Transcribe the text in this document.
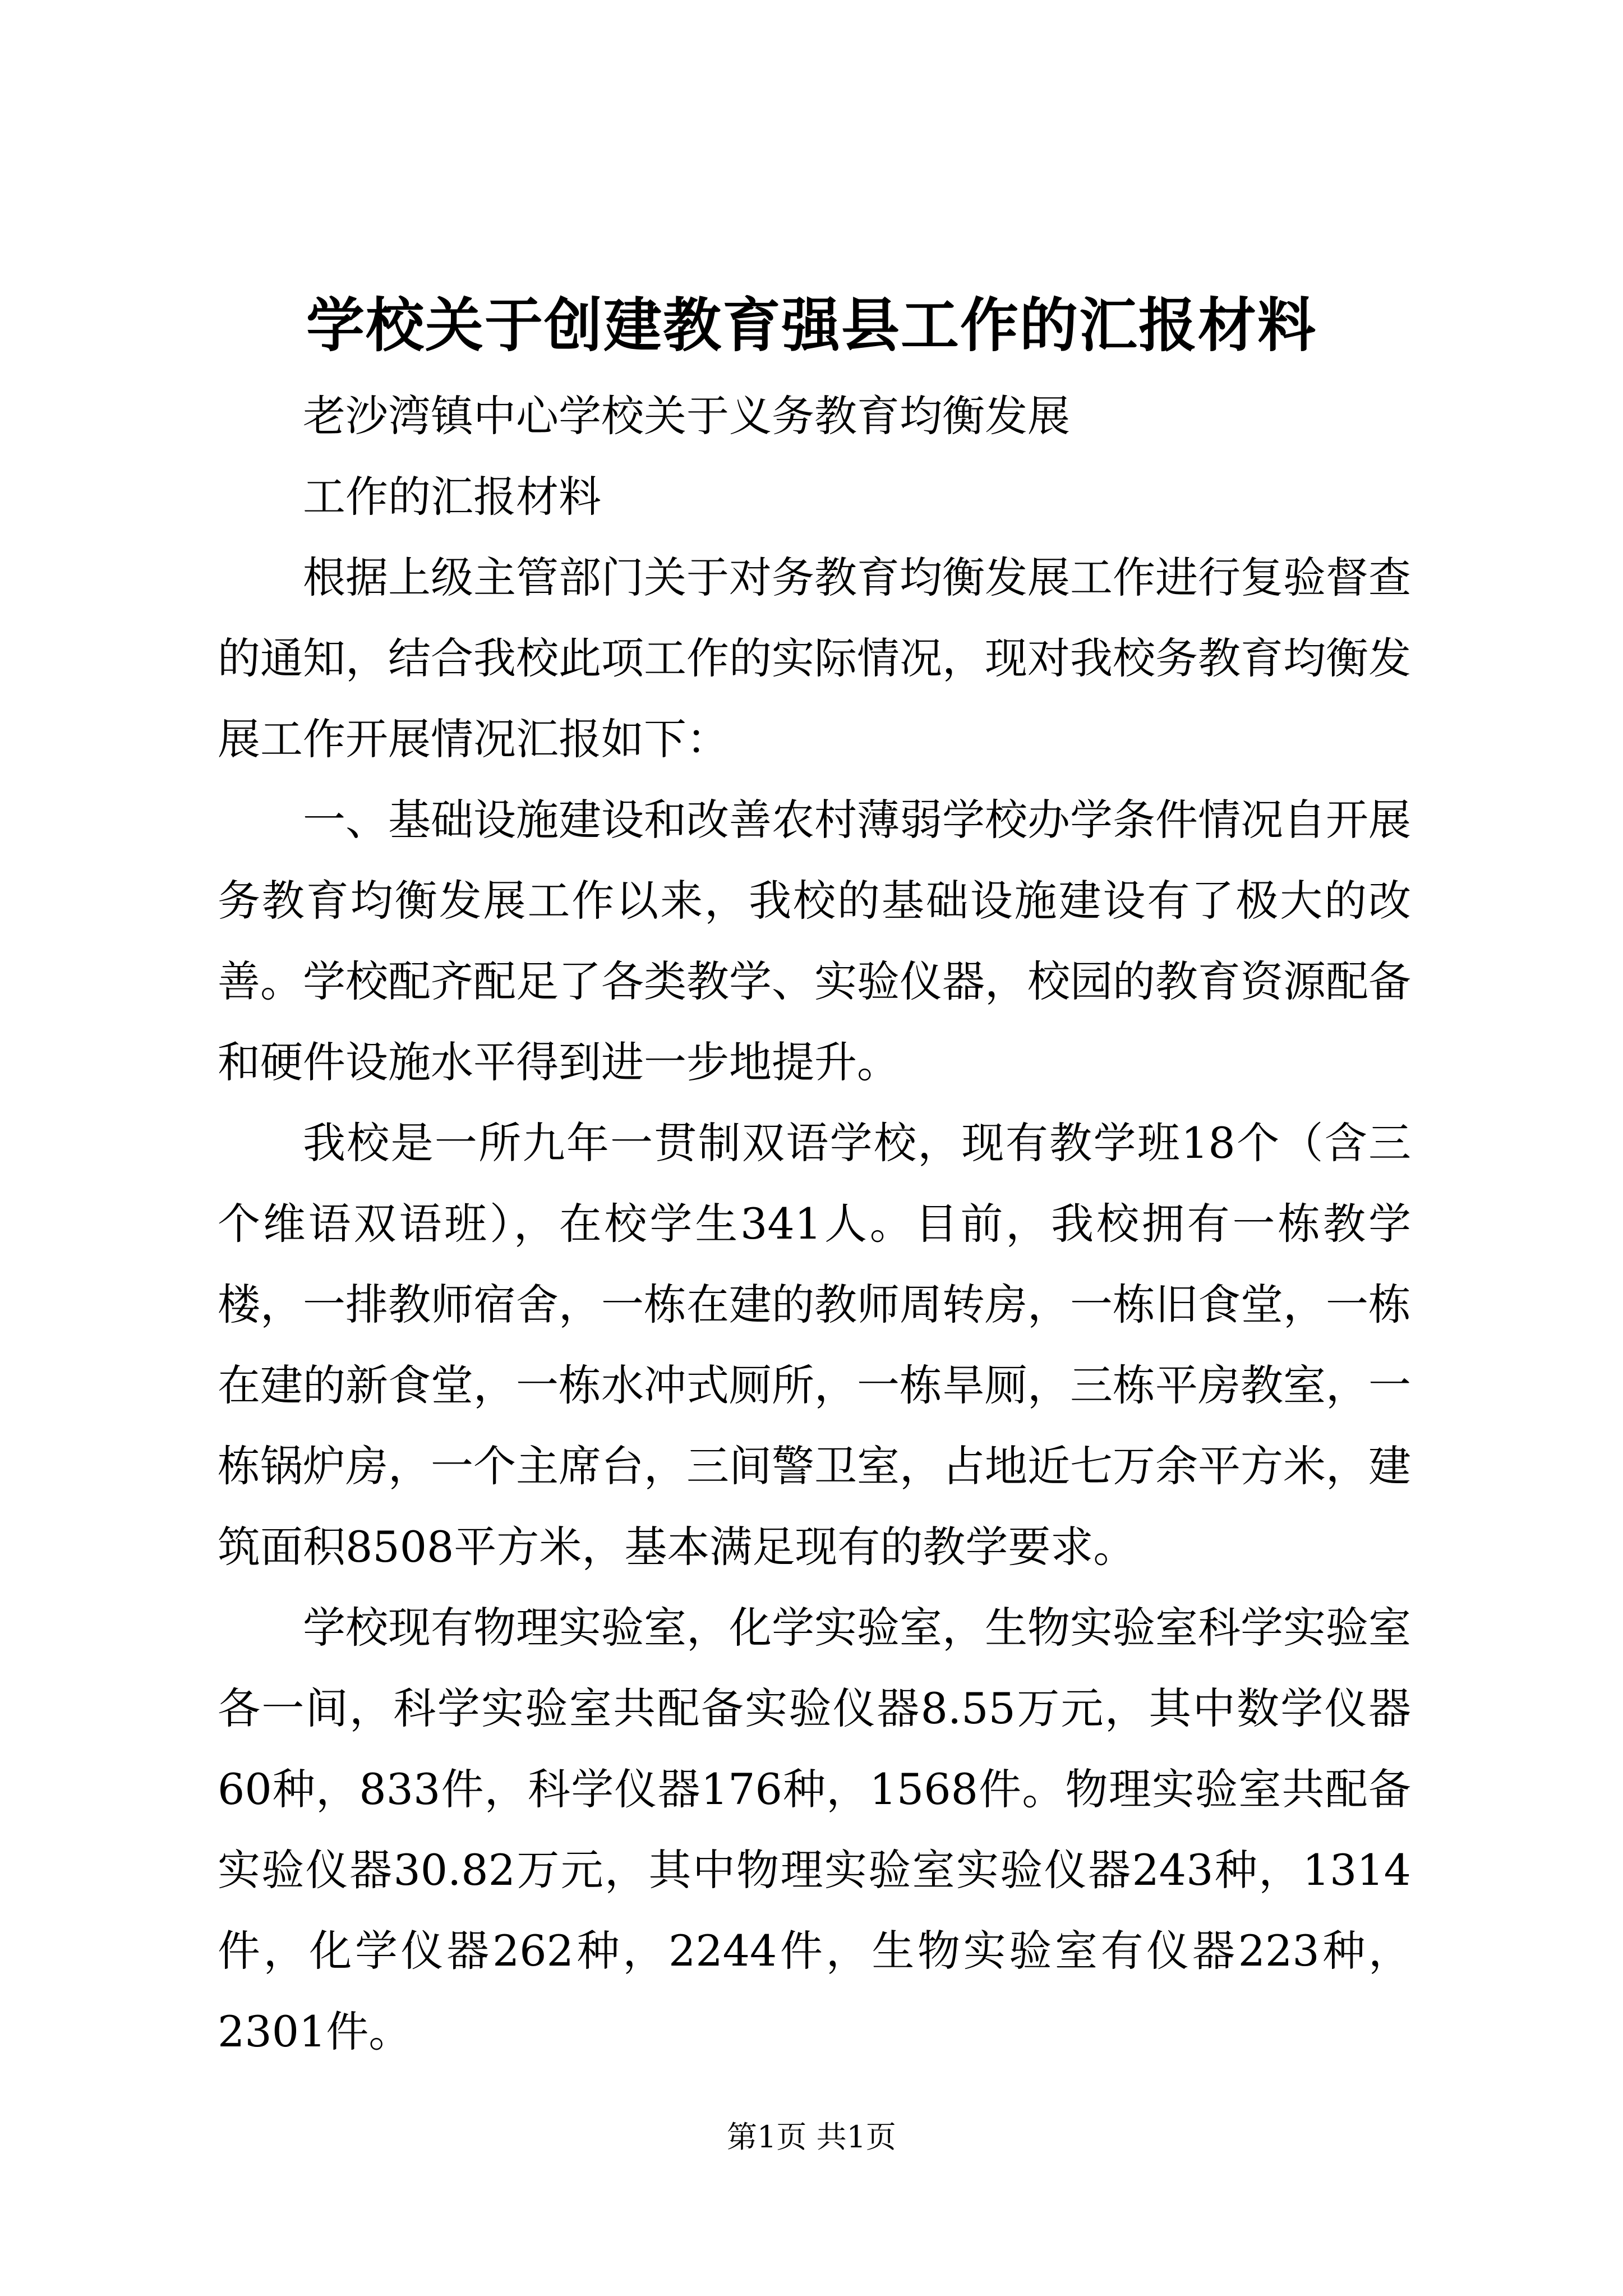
学校关于创建教育强县工作的汇报材料

老沙湾镇中心学校关于义务教育均衡发展

工作的汇报材料

根据上级主管部门关于对务教育均衡发展工作进行复验督查的通知，结合我校此项工作的实际情况，现对我校务教育均衡发展工作开展情况汇报如下：

一、基础设施建设和改善农村薄弱学校办学条件情况自开展务教育均衡发展工作以来，我校的基础设施建设有了极大的改善。学校配齐配足了各类教学、实验仪器，校园的教育资源配备和硬件设施水平得到进一步地提升。

我校是一所九年一贯制双语学校，现有教学班18个（含三个维语双语班），在校学生341人。目前，我校拥有一栋教学楼，一排教师宿舍，一栋在建的教师周转房，一栋旧食堂，一栋在建的新食堂，一栋水冲式厕所，一栋旱厕，三栋平房教室，一栋锅炉房，一个主席台，三间警卫室，占地近七万余平方米，建筑面积8508平方米，基本满足现有的教学要求。

学校现有物理实验室，化学实验室，生物实验室科学实验室各一间，科学实验室共配备实验仪器8.55万元，其中数学仪器60种，833件，科学仪器176种，1568件。物理实验室共配备实验仪器30.82万元，其中物理实验室实验仪器243种，1314件，化学仪器262种，2244件，生物实验室有仪器223种，2301件。

第1页 共1页
